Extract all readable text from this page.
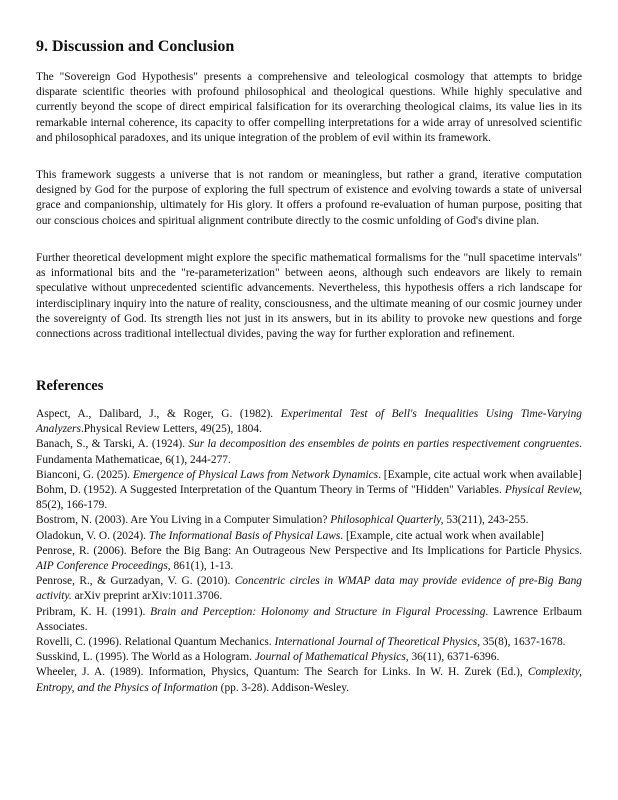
9. Discussion and Conclusion

The "Sovereign God Hypothesis" presents a comprehensive and teleological cosmology that attempts to bridge disparate scientific theories with profound philosophical and theological questions. While highly speculative and currently beyond the scope of direct empirical falsification for its overarching theological claims, its value lies in its remarkable internal coherence, its capacity to offer compelling interpretations for a wide array of unresolved scientific and philosophical paradoxes, and its unique integration of the problem of evil within its framework.

This framework suggests a universe that is not random or meaningless, but rather a grand, iterative computation designed by God for the purpose of exploring the full spectrum of existence and evolving towards a state of universal grace and companionship, ultimately for His glory. It offers a profound re-evaluation of human purpose, positing that our conscious choices and spiritual alignment contribute directly to the cosmic unfolding of God's divine plan.

Further theoretical development might explore the specific mathematical formalisms for the "null spacetime intervals" as informational bits and the "re-parameterization" between aeons, although such endeavors are likely to remain speculative without unprecedented scientific advancements. Nevertheless, this hypothesis offers a rich landscape for interdisciplinary inquiry into the nature of reality, consciousness, and the ultimate meaning of our cosmic journey under the sovereignty of God. Its strength lies not just in its answers, but in its ability to provoke new questions and forge connections across traditional intellectual divides, paving the way for further exploration and refinement.

References

Aspect, A., Dalibard, J., & Roger, G. (1982). Experimental Test of Bell's Inequalities Using Time-Varying Analyzers.Physical Review Letters, 49(25), 1804.

Banach, S., & Tarski, A. (1924). Sur la decomposition des ensembles de points en parties respectivement congruentes. Fundamenta Mathematicae, 6(1), 244-277.

Bianconi, G. (2025). Emergence of Physical Laws from Network Dynamics. [Example, cite actual work when available]

Bohm, D. (1952). A Suggested Interpretation of the Quantum Theory in Terms of "Hidden" Variables. Physical Review, 85(2), 166-179.

Bostrom, N. (2003). Are You Living in a Computer Simulation? Philosophical Quarterly, 53(211), 243-255.

Oladokun, V. O. (2024). The Informational Basis of Physical Laws. [Example, cite actual work when available]

Penrose, R. (2006). Before the Big Bang: An Outrageous New Perspective and Its Implications for Particle Physics. AIP Conference Proceedings, 861(1), 1-13.

Penrose, R., & Gurzadyan, V. G. (2010). Concentric circles in WMAP data may provide evidence of pre-Big Bang activity. arXiv preprint arXiv:1011.3706.

Pribram, K. H. (1991). Brain and Perception: Holonomy and Structure in Figural Processing. Lawrence Erlbaum Associates.

Rovelli, C. (1996). Relational Quantum Mechanics. International Journal of Theoretical Physics, 35(8), 1637-1678.

Susskind, L. (1995). The World as a Hologram. Journal of Mathematical Physics, 36(11), 6371-6396.

Wheeler, J. A. (1989). Information, Physics, Quantum: The Search for Links. In W. H. Zurek (Ed.), Complexity, Entropy, and the Physics of Information (pp. 3-28). Addison-Wesley.
